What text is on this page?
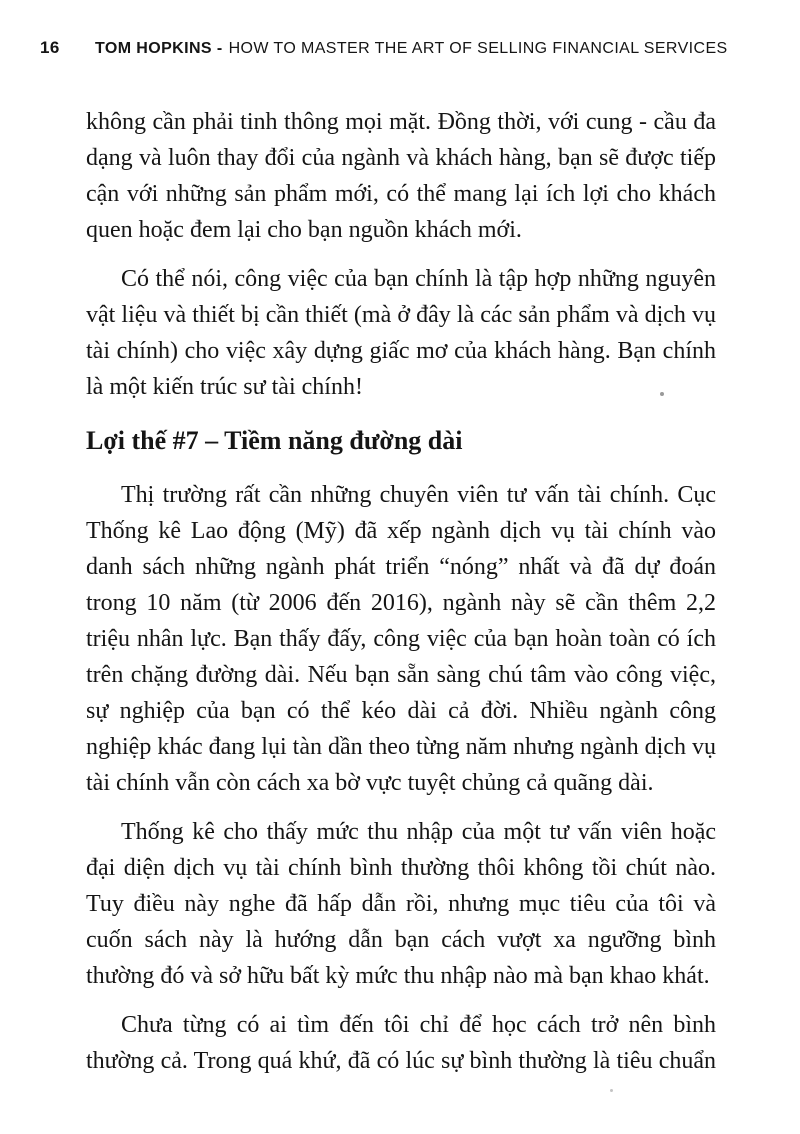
16	TOM HOPKINS - HOW TO MASTER THE ART OF SELLING FINANCIAL SERVICES

không cần phải tinh thông mọi mặt. Đồng thời, với cung - cầu đa dạng và luôn thay đổi của ngành và khách hàng, bạn sẽ được tiếp cận với những sản phẩm mới, có thể mang lại ích lợi cho khách quen hoặc đem lại cho bạn nguồn khách mới.

Có thể nói, công việc của bạn chính là tập hợp những nguyên vật liệu và thiết bị cần thiết (mà ở đây là các sản phẩm và dịch vụ tài chính) cho việc xây dựng giấc mơ của khách hàng. Bạn chính là một kiến trúc sư tài chính!

Lợi thế #7 – Tiềm năng đường dài

Thị trường rất cần những chuyên viên tư vấn tài chính. Cục Thống kê Lao động (Mỹ) đã xếp ngành dịch vụ tài chính vào danh sách những ngành phát triển “nóng” nhất và đã dự đoán trong 10 năm (từ 2006 đến 2016), ngành này sẽ cần thêm 2,2 triệu nhân lực. Bạn thấy đấy, công việc của bạn hoàn toàn có ích trên chặng đường dài. Nếu bạn sẵn sàng chú tâm vào công việc, sự nghiệp của bạn có thể kéo dài cả đời. Nhiều ngành công nghiệp khác đang lụi tàn dần theo từng năm nhưng ngành dịch vụ tài chính vẫn còn cách xa bờ vực tuyệt chủng cả quãng dài.

Thống kê cho thấy mức thu nhập của một tư vấn viên hoặc đại diện dịch vụ tài chính bình thường thôi không tồi chút nào. Tuy điều này nghe đã hấp dẫn rồi, nhưng mục tiêu của tôi và cuốn sách này là hướng dẫn bạn cách vượt xa ngưỡng bình thường đó và sở hữu bất kỳ mức thu nhập nào mà bạn khao khát.

Chưa từng có ai tìm đến tôi chỉ để học cách trở nên bình thường cả. Trong quá khứ, đã có lúc sự bình thường là tiêu chuẩn
